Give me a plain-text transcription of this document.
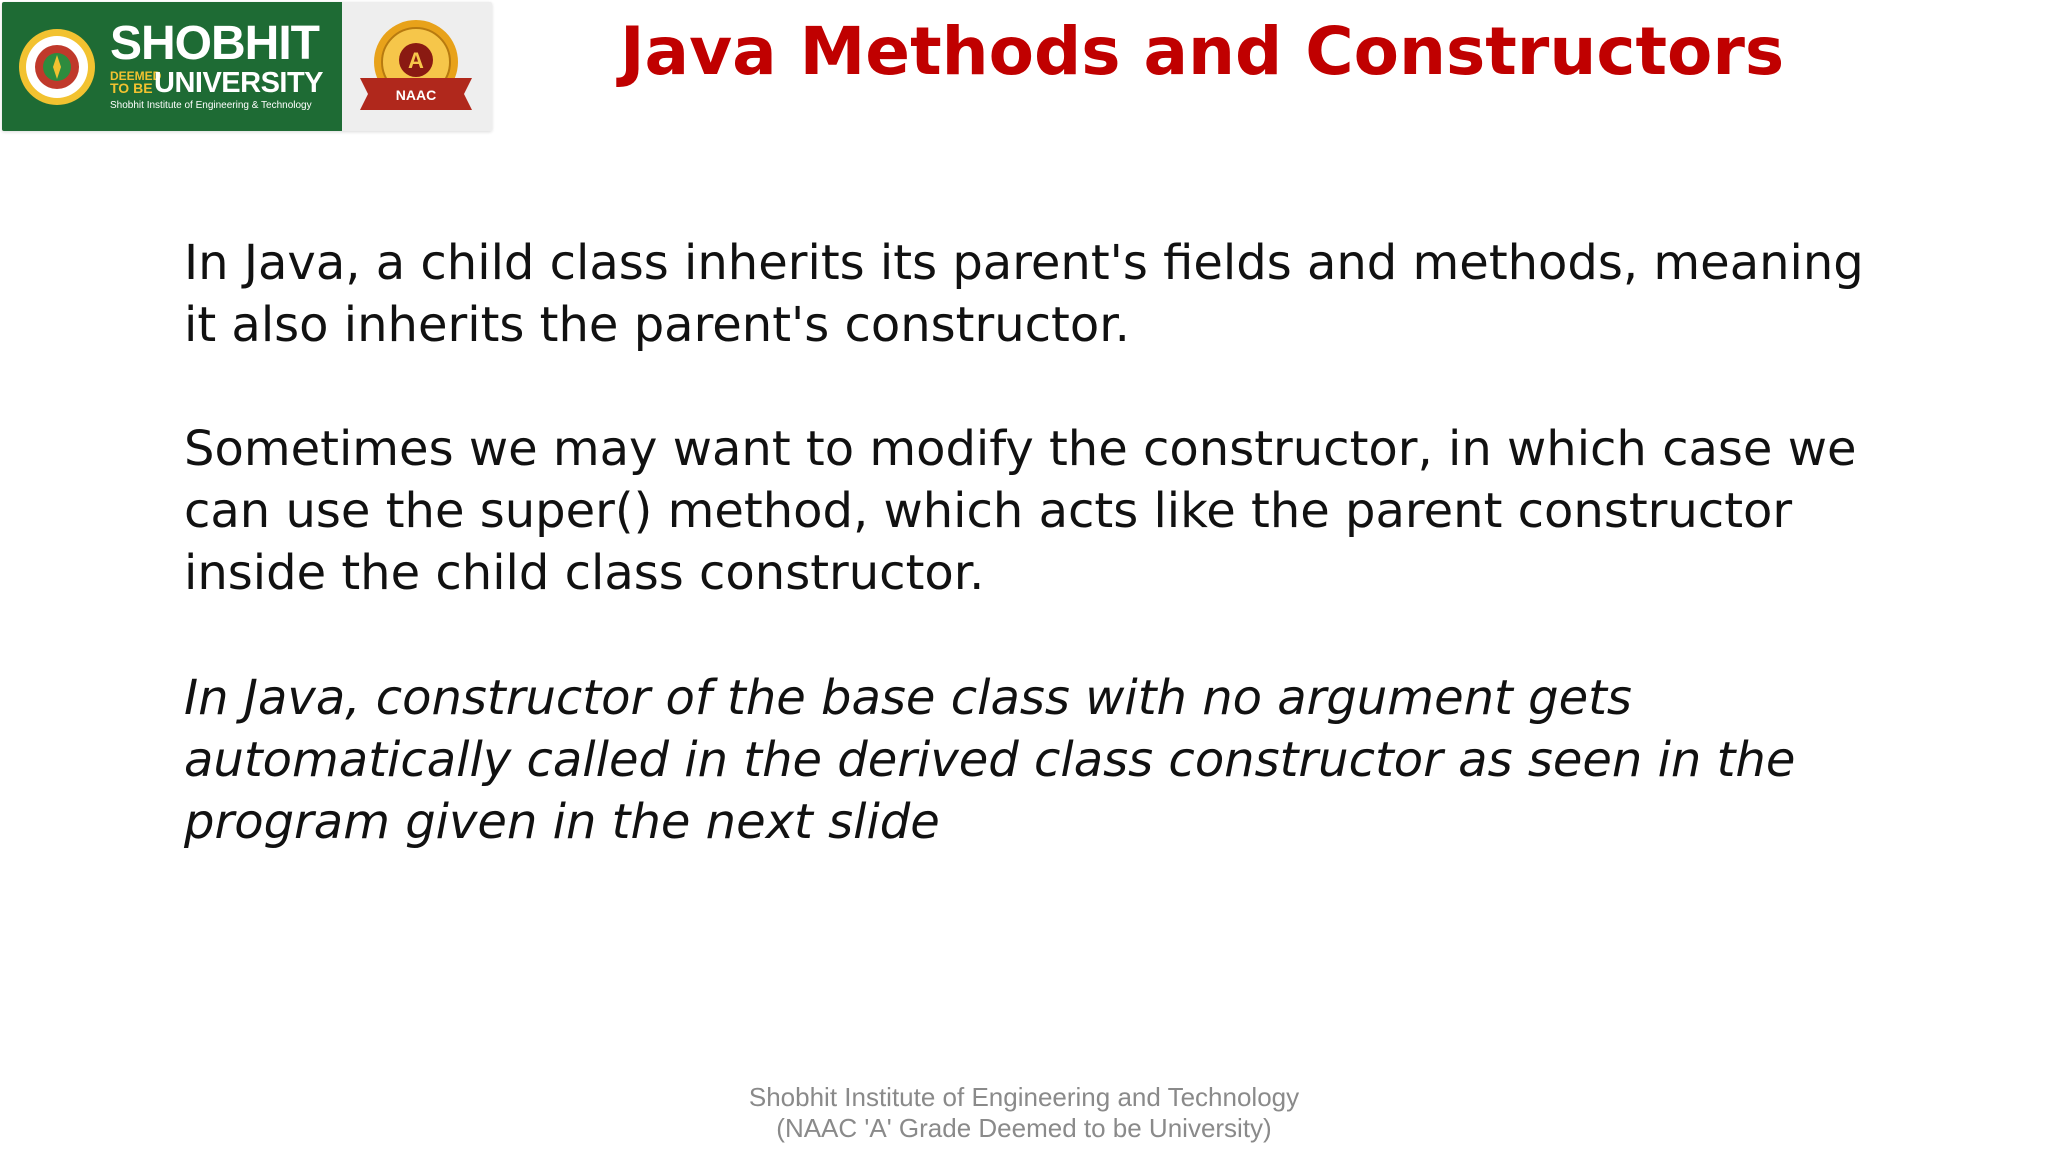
SHOBHIT
DEEMED
TO BE UNIVERSITY
Shobhit Institute of Engineering & Technology
A
NAAC
Java Methods and Constructors

In Java, a child class inherits its parent's fields and methods, meaning it also inherits the parent's constructor.

Sometimes we may want to modify the constructor, in which case we can use the super() method, which acts like the parent constructor inside the child class constructor.

In Java, constructor of the base class with no argument gets automatically called in the derived class constructor as seen in the program given in the next slide

Shobhit Institute of Engineering and Technology
(NAAC 'A' Grade Deemed to be University)
